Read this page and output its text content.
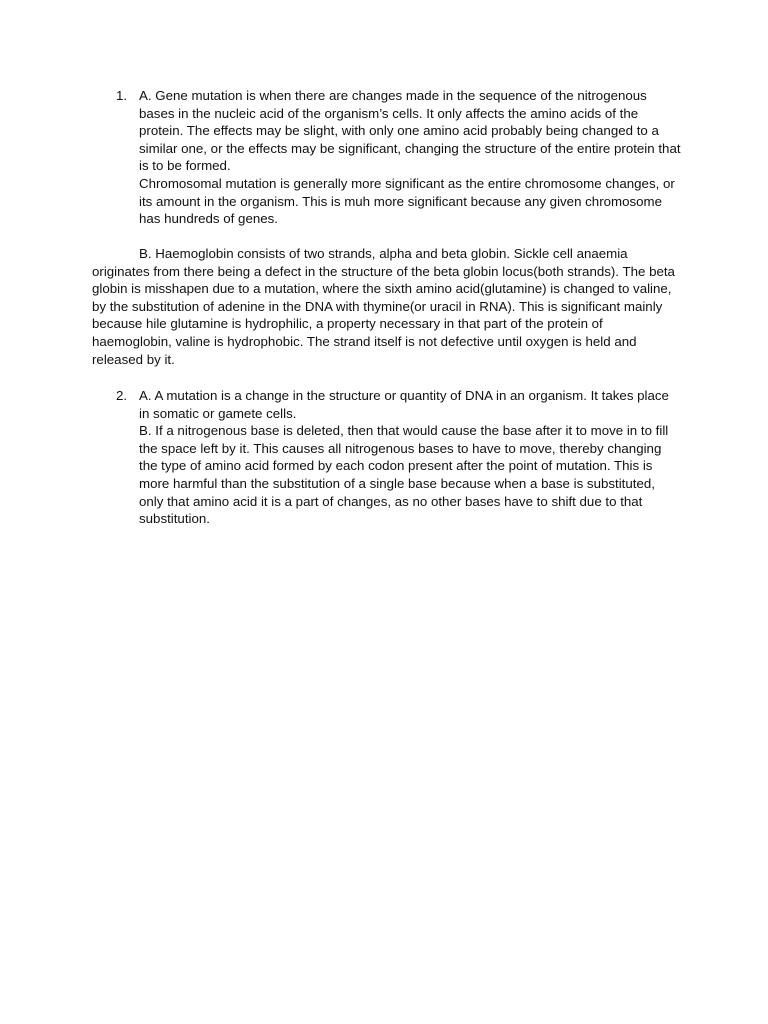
1. A. Gene mutation is when there are changes made in the sequence of the nitrogenous bases in the nucleic acid of the organism’s cells. It only affects the amino acids of the protein. The effects may be slight, with only one amino acid probably being changed to a similar one, or the effects may be significant, changing the structure of the entire protein that is to be formed.

Chromosomal mutation is generally more significant as the entire chromosome changes, or its amount in the organism. This is muh more significant because any given chromosome has hundreds of genes.

B. Haemoglobin consists of two strands, alpha and beta globin. Sickle cell anaemia originates from there being a defect in the structure of the beta globin locus(both strands). The beta globin is misshapen due to a mutation, where the sixth amino acid(glutamine) is changed to valine, by the substitution of adenine in the DNA with thymine(or uracil in RNA). This is significant mainly because hile glutamine is hydrophilic, a property necessary in that part of the protein of haemoglobin, valine is hydrophobic. The strand itself is not defective until oxygen is held and released by it.

2. A. A mutation is a change in the structure or quantity of DNA in an organism. It takes place in somatic or gamete cells.

B. If a nitrogenous base is deleted, then that would cause the base after it to move in to fill the space left by it. This causes all nitrogenous bases to have to move, thereby changing the type of amino acid formed by each codon present after the point of mutation. This is more harmful than the substitution of a single base because when a base is substituted, only that amino acid it is a part of changes, as no other bases have to shift due to that substitution.
